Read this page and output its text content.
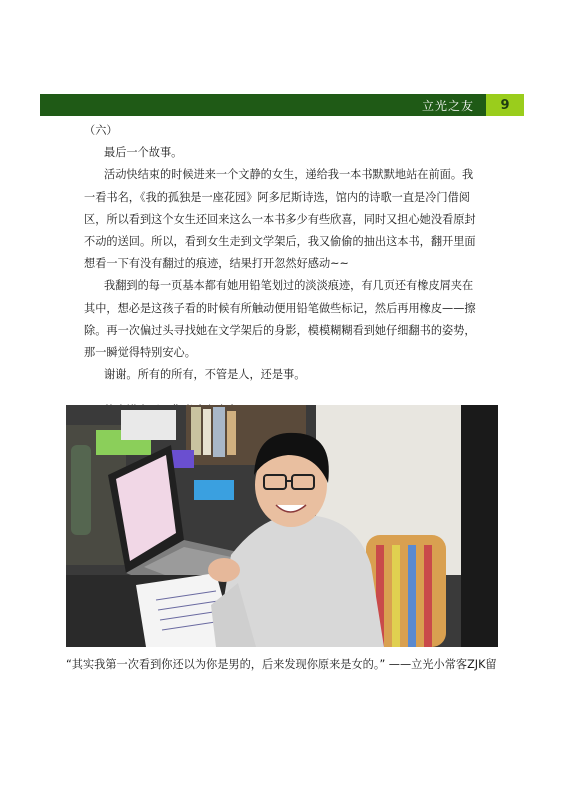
立光之友 9

（六）

最后一个故事。

活动快结束的时候进来一个文静的女生，递给我一本书默默地站在前面。我一看书名，《我的孤独是一座花园》阿多尼斯诗选，馆内的诗歌一直是冷门借阅区，所以看到这个女生还回来这么一本书多少有些欣喜，同时又担心她没看原封不动的送回。所以，看到女生走到文学架后，我又偷偷的抽出这本书，翻开里面想看一下有没有翻过的痕迹，结果打开忽然好感动~~

我翻到的每一页基本都有她用铅笔划过的淡淡痕迹，有几页还有橡皮屑夹在其中，想必是这孩子看的时候有所触动便用铅笔做些标记，然后再用橡皮——擦除。再一次偏过头寻找她在文学架后的身影，模模糊糊看到她仔细翻书的姿势，那一瞬觉得特别安心。

谢谢。所有的所有，不管是人，还是事。

“其实我第一次看到你还以为你是男的，后来发现你原来是女的。” ——立光小常客ZJK留
